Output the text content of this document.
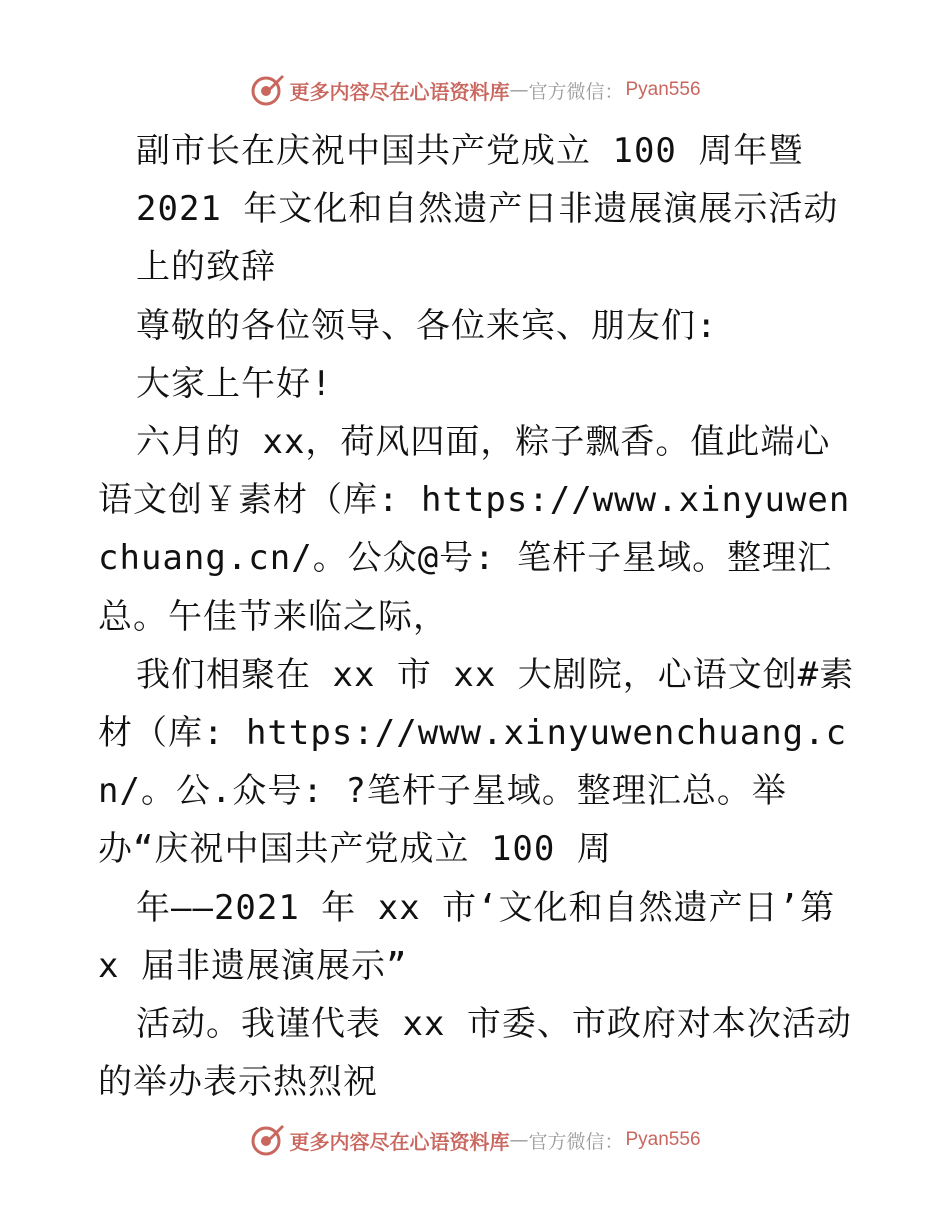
更多内容尽在心语资料库 — 官方微信： Pyan556

副市长在庆祝中国共产党成立 100 周年暨

2021 年文化和自然遗产日非遗展演展示活动

上的致辞

尊敬的各位领导、各位来宾、朋友们:

大家上午好!

六月的 xx，荷风四面，粽子飘香。值此端心语文创￥素材（库: https://www.xinyuwenchuang.cn/。公众@号: 笔杆子星域。整理汇总。午佳节来临之际，

我们相聚在 xx 市 xx 大剧院，心语文创#素材（库: https://www.xinyuwenchuang.cn/。公.众号: ?笔杆子星域。整理汇总。举办“庆祝中国共产党成立 100 周

年——2021 年 xx 市‘文化和自然遗产日’第 x 届非遗展演展示”

活动。我谨代表 xx 市委、市政府对本次活动的举办表示热烈祝

更多内容尽在心语资料库 — 官方微信： Pyan556
